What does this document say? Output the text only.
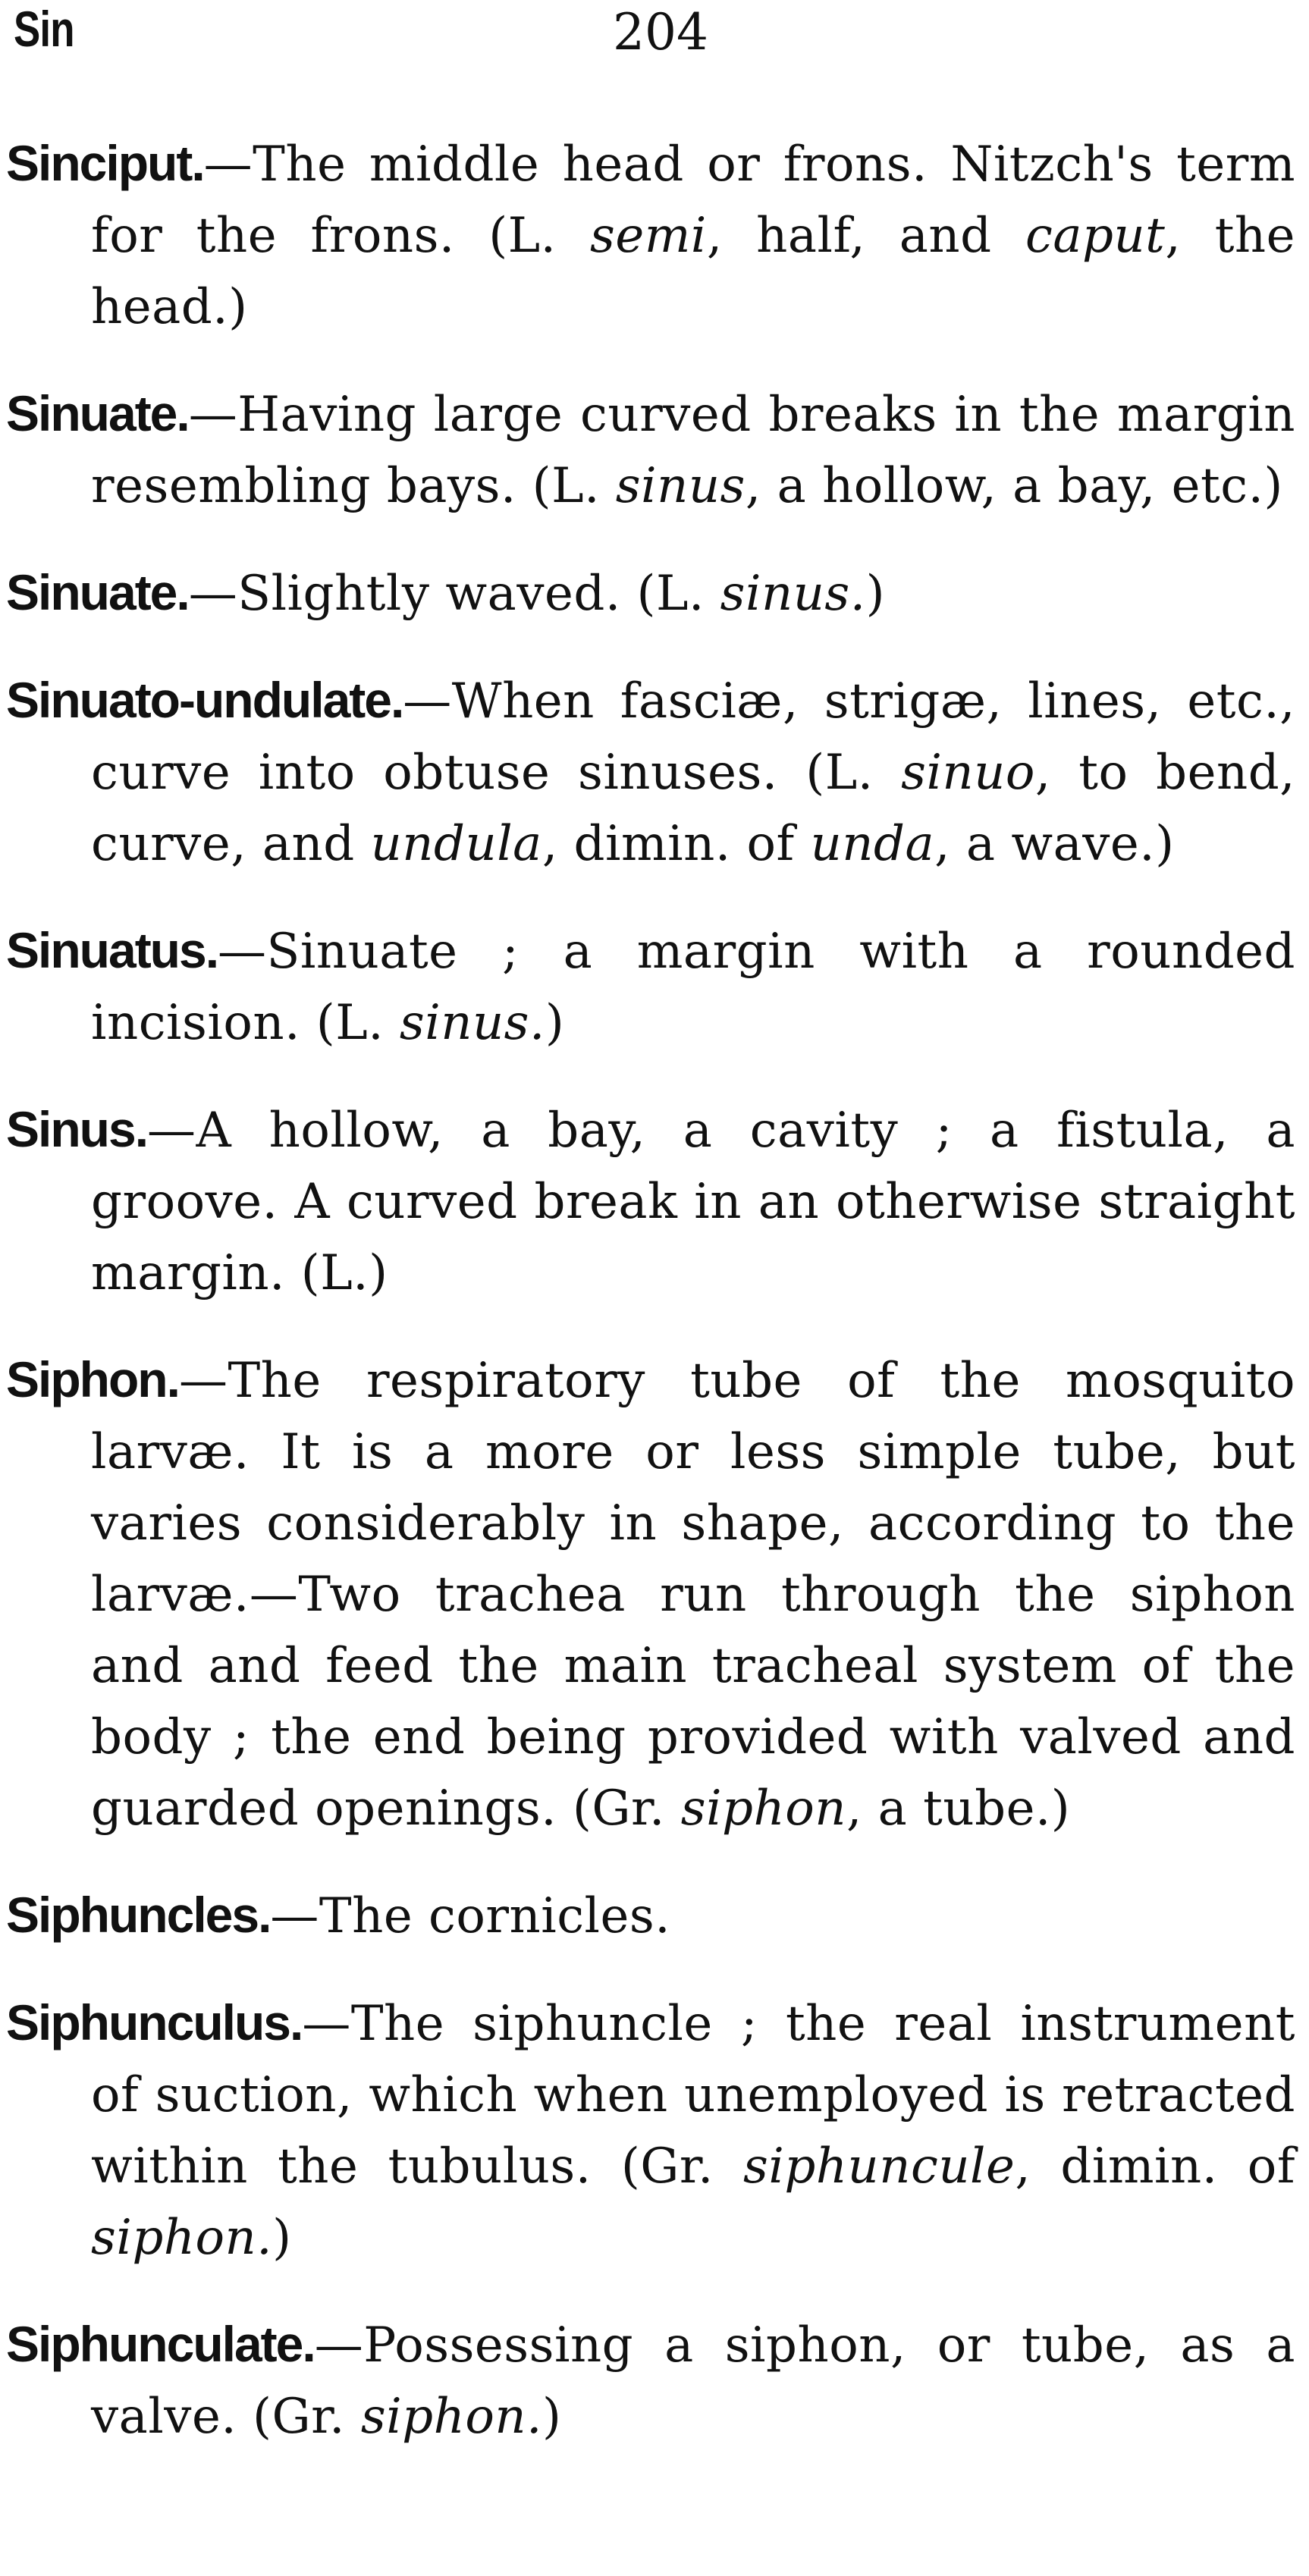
Sin	204
Sinciput.—The middle head or frons. Nitzch's term for the frons. (L. semi, half, and caput, the head.)
Sinuate.—Having large curved breaks in the margin resembling bays. (L. sinus, a hollow, a bay, etc.)
Sinuate.—Slightly waved. (L. sinus.)
Sinuato-undulate.—When fasciæ, strigæ, lines, etc., curve into obtuse sinuses. (L. sinuo, to bend, curve, and undula, dimin. of unda, a wave.)
Sinuatus.—Sinuate ; a margin with a rounded incision. (L. sinus.)
Sinus.—A hollow, a bay, a cavity ; a fistula, a groove. A curved break in an otherwise straight margin. (L.)
Siphon.—The respiratory tube of the mosquito larvæ. It is a more or less simple tube, but varies considerably in shape, according to the larvæ.—Two trachea run through the siphon and and feed the main tracheal system of the body ; the end being provided with valved and guarded openings. (Gr. siphon, a tube.)
Siphuncles.—The cornicles.
Siphunculus.—The siphuncle ; the real instrument of suction, which when unemployed is retracted within the tubulus. (Gr. siphuncule, dimin. of siphon.)
Siphunculate.—Possessing a siphon, or tube, as a valve. (Gr. siphon.)
